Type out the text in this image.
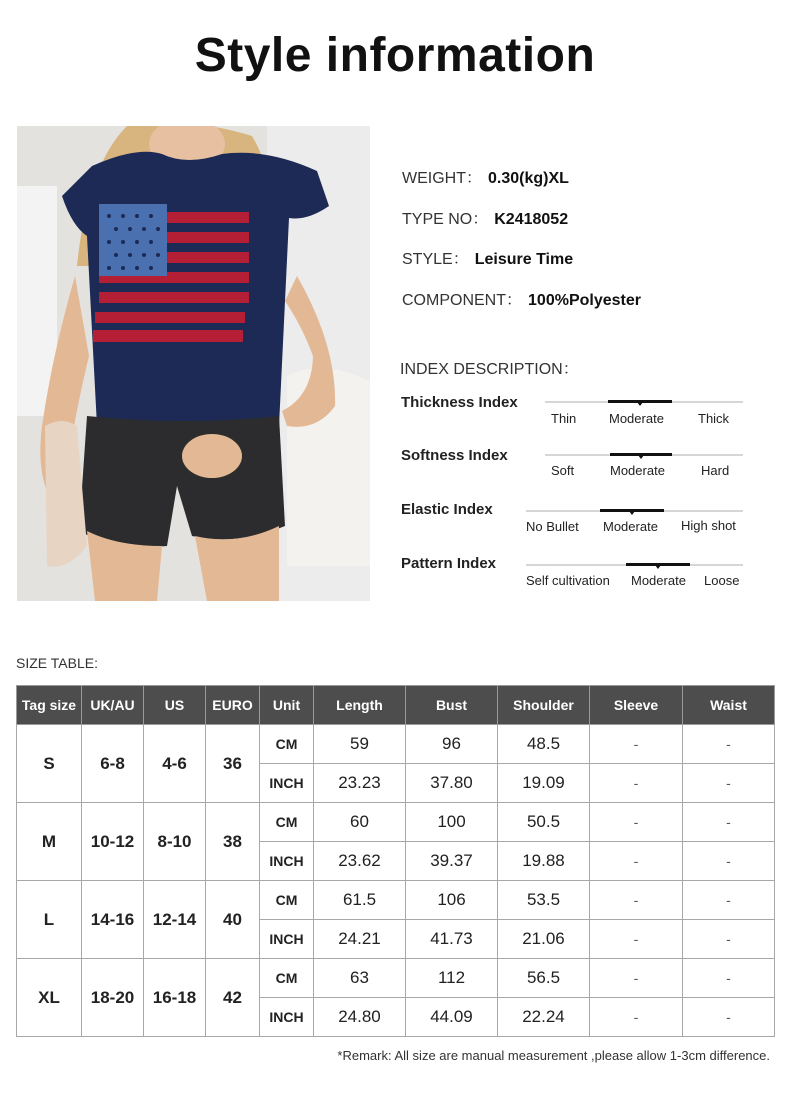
Style information
WEIGHT： 0.30(kg)XL
TYPE NO： K2418052
STYLE： Leisure Time
COMPONENT： 100%Polyester
INDEX DESCRIPTION：
Thickness Index
Thin	Moderate	Thick
Softness Index
Soft	Moderate	Hard
Elastic Index
No Bullet Moderate High shot
Pattern Index
Self cultivation Moderate Loose
SIZE TABLE:
Tag size	UK/AU	US	EURO	Unit	Length	Bust	Shoulder	Sleeve	Waist
S	6-8	4-6	36	CM	59	96	48.5	-	-
				INCH	23.23	37.80	19.09	-	-
M	10-12	8-10	38	CM	60	100	50.5	-	-
				INCH	23.62	39.37	19.88	-	-
L	14-16	12-14	40	CM	61.5	106	53.5	-	-
				INCH	24.21	41.73	21.06	-	-
XL	18-20	16-18	42	CM	63	112	56.5	-	-
				INCH	24.80	44.09	22.24	-	-
*Remark: All size are manual measurement ,please allow 1-3cm difference.
